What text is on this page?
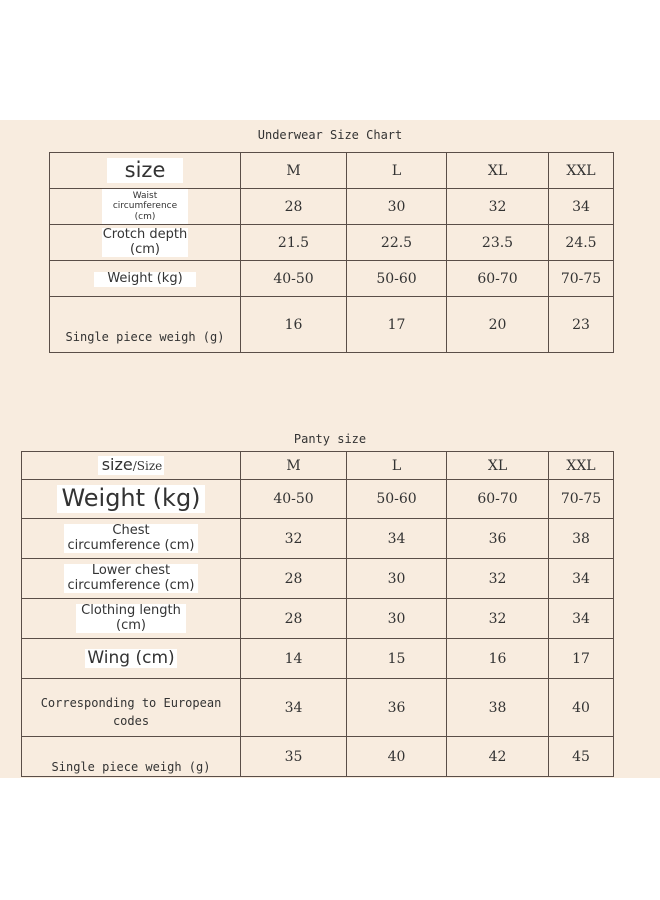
Underwear Size Chart
size	M	L	XL	XXL
Waist circumference (cm)	28	30	32	34
Crotch depth (cm)	21.5	22.5	23.5	24.5
Weight (kg)	40-50	50-60	60-70	70-75
Single piece weigh (g)	16	17	20	23
Panty size
size/Size	M	L	XL	XXL
Weight (kg)	40-50	50-60	60-70	70-75
Chest circumference (cm)	32	34	36	38
Lower chest circumference (cm)	28	30	32	34
Clothing length (cm)	28	30	32	34
Wing (cm)	14	15	16	17
Corresponding to European codes	34	36	38	40
Single piece weigh (g)	35	40	42	45
